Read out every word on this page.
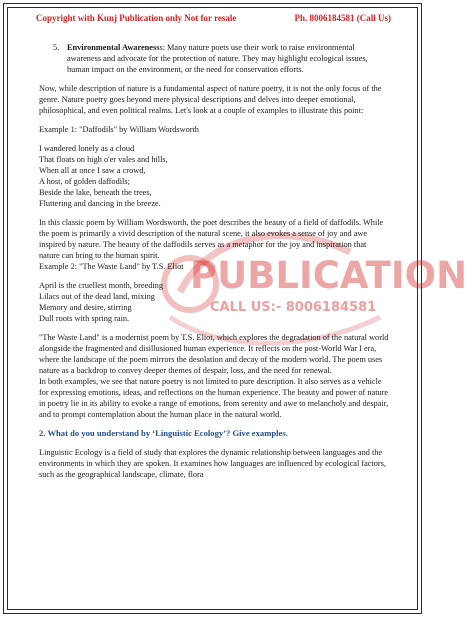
Copyright with Kunj Publication only Not for resale	Ph. 8006184581 (Call Us)
PUBLICATION
CALL US:- 8006184581
5. Environmental Awarenesss: Many nature poets use their work to raise environmental awareness and advocate for the protection of nature. They may highlight ecological issues, human impact on the environment, or the need for conservation efforts.

Now, while description of nature is a fundamental aspect of nature poetry, it is not the only focus of the genre. Nature poetry goes beyond mere physical descriptions and delves into deeper emotional, philosophical, and even political realms. Let's look at a couple of examples to illustrate this point:

Example 1: "Daffodils" by William Wordsworth

I wandered lonely as a cloud
That floats on high o'er vales and hills,
When all at once I saw a crowd,
A host, of golden daffodils;
Beside the lake, beneath the trees,
Fluttering and dancing in the breeze.

In this classic poem by William Wordsworth, the poet describes the beauty of a field of daffodils. While the poem is primarily a vivid description of the natural scene, it also evokes a sense of joy and awe inspired by nature. The beauty of the daffodils serves as a metaphor for the joy and inspiration that nature can bring to the human spirit.

Example 2: "The Waste Land" by T.S. Eliot

April is the cruellest month, breeding
Lilacs out of the dead land, mixing
Memory and desire, stirring
Dull roots with spring rain.

"The Waste Land" is a modernist poem by T.S. Eliot, which explores the degradation of the natural world alongside the fragmented and disillusioned human experience. It reflects on the post-World War I era, where the landscape of the poem mirrors the desolation and decay of the modern world. The poem uses nature as a backdrop to convey deeper themes of despair, loss, and the need for renewal.

In both examples, we see that nature poetry is not limited to pure description. It also serves as a vehicle for expressing emotions, ideas, and reflections on the human experience. The beauty and power of nature in poetry lie in its ability to evoke a range of emotions, from serenity and awe to melancholy and despair, and to prompt contemplation about the human place in the natural world.

2. What do you understand by ‘Linguistic Ecology’? Give examples.

Linguistic Ecology is a field of study that explores the dynamic relationship between languages and the environments in which they are spoken. It examines how languages are influenced by ecological factors, such as the geographical landscape, climate, flora
